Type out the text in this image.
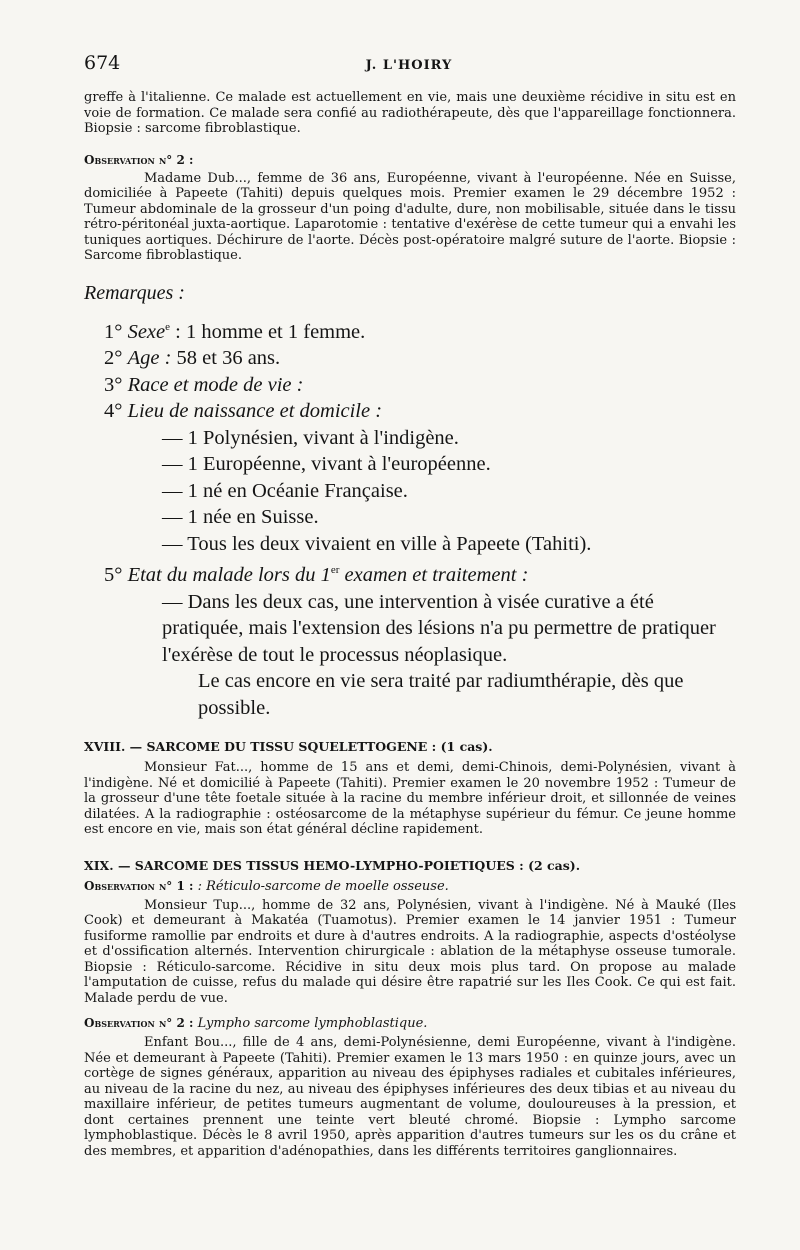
674	J. L'HOIRY

greffe à l'italienne. Ce malade est actuellement en vie, mais une deuxième récidive in situ est en voie de formation. Ce malade sera confié au radiothérapeute, dès que l'appareillage fonctionnera. Biopsie : sarcome fibroblastique.

Observation n° 2 :

Madame Dub..., femme de 36 ans, Européenne, vivant à l'européenne. Née en Suisse, domiciliée à Papeete (Tahiti) depuis quelques mois. Premier examen le 29 décembre 1952 : Tumeur abdominale de la grosseur d'un poing d'adulte, dure, non mobilisable, située dans le tissu rétro-péritonéal juxta-aortique. Laparotomie : tentative d'exérèse de cette tumeur qui a envahi les tuniques aortiques. Déchirure de l'aorte. Décès post-opératoire malgré suture de l'aorte. Biopsie : Sarcome fibroblastique.

Remarques :
1° Sexe$^e$ : 1 homme et 1 femme.
2° Age : 58 et 36 ans.
3° Race et mode de vie :
4° Lieu de naissance et domicile :
— 1 Polynésien, vivant à l'indigène.
— 1 Européenne, vivant à l'européenne.
— 1 né en Océanie Française.
— 1 née en Suisse.
— Tous les deux vivaient en ville à Papeete (Tahiti).
5° Etat du malade lors du 1er examen et traitement :
— Dans les deux cas, une intervention à visée curative a été pratiquée, mais l'extension des lésions n'a pu permettre de pratiquer l'exérèse de tout le processus néoplasique.
Le cas encore en vie sera traité par radiumthérapie, dès que possible.
XVIII. — SARCOME DU TISSU SQUELETTOGENE : (1 cas).

Monsieur Fat..., homme de 15 ans et demi, demi-Chinois, demi-Polynésien, vivant à l'indigène. Né et domicilié à Papeete (Tahiti). Premier examen le 20 novembre 1952 : Tumeur de la grosseur d'une tête foetale située à la racine du membre inférieur droit, et sillonnée de veines dilatées. A la radiographie : ostéosarcome de la métaphyse supérieur du fémur. Ce jeune homme est encore en vie, mais son état général décline rapidement.

XIX. — SARCOME DES TISSUS HEMO-LYMPHO-POIETIQUES : (2 cas).
Observation n° 1 : : Réticulo-sarcome de moelle osseuse.

Monsieur Tup..., homme de 32 ans, Polynésien, vivant à l'indigène. Né à Mauké (Iles Cook) et demeurant à Makatéa (Tuamotus). Premier examen le 14 janvier 1951 : Tumeur fusiforme ramollie par endroits et dure à d'autres endroits. A la radiographie, aspects d'ostéolyse et d'ossification alternés. Intervention chirurgicale : ablation de la métaphyse osseuse tumorale. Biopsie : Réticulo-sarcome. Récidive in situ deux mois plus tard. On propose au malade l'amputation de cuisse, refus du malade qui désire être rapatrié sur les Iles Cook. Ce qui est fait. Malade perdu de vue.

Observation n° 2 : Lympho sarcome lymphoblastique.

Enfant Bou..., fille de 4 ans, demi-Polynésienne, demi Européenne, vivant à l'indigène. Née et demeurant à Papeete (Tahiti). Premier examen le 13 mars 1950 : en quinze jours, avec un cortège de signes généraux, apparition au niveau des épiphyses radiales et cubitales inférieures, au niveau de la racine du nez, au niveau des épiphyses inférieures des deux tibias et au niveau du maxillaire inférieur, de petites tumeurs augmentant de volume, douloureuses à la pression, et dont certaines prennent une teinte vert bleuté chromé. Biopsie : Lympho sarcome lymphoblastique. Décès le 8 avril 1950, après apparition d'autres tumeurs sur les os du crâne et des membres, et apparition d'adénopathies, dans les différents territoires ganglionnaires.
